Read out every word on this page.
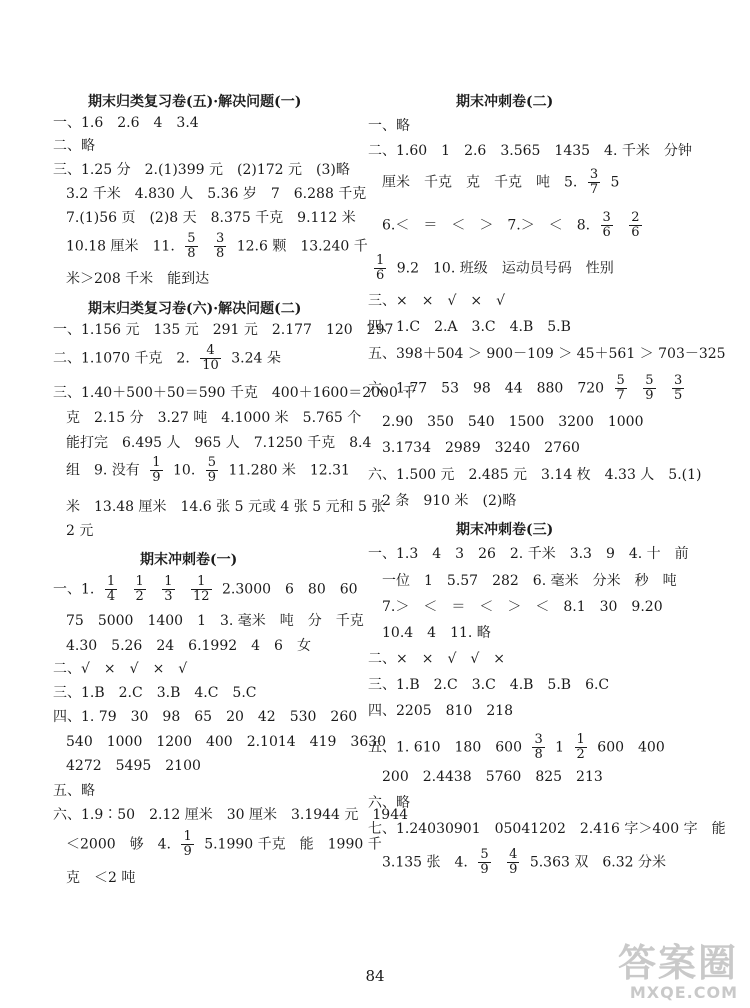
期末归类复习卷(五)·解决问题(一)
一、1.6　2.6　4　3.4
二、略
三、1.25 分　2.(1)399 元　(2)172 元　(3)略
3.2 千米　4.830 人　5.36 岁　7　6.288 千克
7.(1)56 页　(2)8 天　8.375 千克　9.112 米
10.18 厘米　11. $\frac{5}{8}$
$\frac{3}{8} 12.6$ 颗　13.240 千
米＞208 千米　能到达
期末归类复习卷(六)·解决问题(二)
一、1.156 元　135 元　291 元　2.177　120　297
二、1.1070 千克　2. $\frac{4}{10} 3.24$ 朵
三、1.40＋500＋50＝590 千克　400＋1600＝2000 千
克　2.15 分　3.27 吨　4.1000 米　5.765 个
能打完　6.495 人　965 人　7.1250 千克　8.4
组　9. 没有 $\frac{1}{9} 10$. $\frac{5}{9} 11.280$ 米　12.31
米　13.48 厘米　14.6 张 5 元或 4 张 5 元和 5 张
2 元
期末冲刺卷(一)
一、1. $\frac{1}{4}$
$\frac{1}{2}$
$\frac{1}{3}$
$\frac{1}{12} 2.3000$　6　80　60
75　5000　1400　1　3. 毫米　吨　分　千克
4.30　5.26　24　6.1992　4　6　女
二、√　×　√　×　√
三、1.B　2.C　3.B　4.C　5.C
四、1. 79　30　98　65　20　42　530　260
540　1000　1200　400　2.1014　419　3630
4272　5495　2100
五、略
六、1.9∶50　2.12 厘米　30 厘米　3.1944 元　1944
＜2000　够　4. $\frac{1}{9} 5.1990$ 千克　能　1990 千
克　＜2 吨
期末冲刺卷(二)
一、略
二、1.60　1　2.6　3.565　1435　4. 千米　分钟
厘米　千克　克　千克　吨　5. $\frac{3}{7} 5$
6.＜　＝　＜　＞　7.＞　＜　8. $\frac{3}{6}$
$\frac{2}{6}$
$\frac{1}{6} 9.2$　10. 班级　运动员号码　性别
三、×　×　√　×　√
四、1.C　2.A　3.C　4.B　5.B
五、398＋504 ＞ 900－109 ＞ 45＋561 ＞ 703－325
六、1.77　53　98　44　880　$720 \frac{5}{7}$
$\frac{5}{9}$
$\frac{3}{5}$
2.90　350　540　1500　3200　1000
3.1734　2989　3240　2760
六、1.500 元　2.485 元　3.14 枚　4.33 人　5.(1)
2 条　910 米　(2)略
期末冲刺卷(三)
一、1.3　4　3　26　2. 千米　3.3　9　4. 十　前
一位　1　5.57　282　6. 毫米　分米　秒　吨
7.＞　＜　＝　＜　＞　＜　8.1　30　9.20
10.4　4　11. 略
二、×　×　√　√　×
三、1.B　2.C　3.C　4.B　5.B　6.C
四、2205　810　218
五、1. 610　180　$600 \frac{3}{8} 1 \frac{1}{2} 600$　400
200　2.4438　5760　825　213
六、略
七、1.24030901　05041202　2.416 字＞400 字　能
3.135 张　4. $\frac{5}{9}$
$\frac{4}{9} 5.363$ 双　6.32 分米
84	答案圈
MXQE.COM
